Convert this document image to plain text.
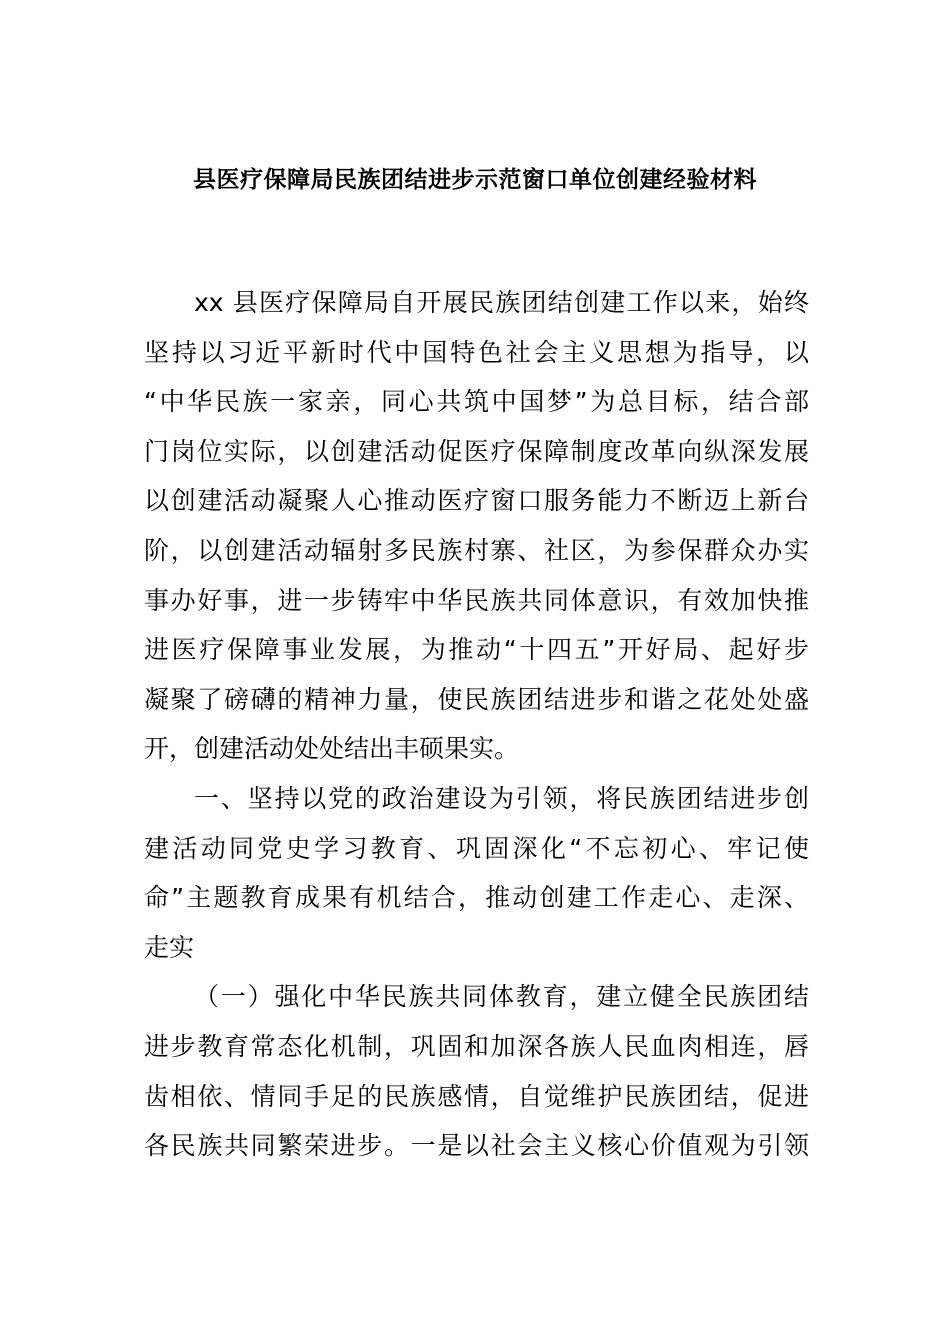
县医疗保障局民族团结进步示范窗口单位创建经验材料
xx 县医疗保障局自开展民族团结创建工作以来，始终
坚持以习近平新时代中国特色社会主义思想为指导，以
“中华民族一家亲，同心共筑中国梦”为总目标，结合部
门岗位实际，以创建活动促医疗保障制度改革向纵深发展
以创建活动凝聚人心推动医疗窗口服务能力不断迈上新台
阶，以创建活动辐射多民族村寨、社区，为参保群众办实
事办好事，进一步铸牢中华民族共同体意识，有效加快推
进医疗保障事业发展，为推动“十四五”开好局、起好步
凝聚了磅礴的精神力量，使民族团结进步和谐之花处处盛
开，创建活动处处结出丰硕果实。
一、坚持以党的政治建设为引领，将民族团结进步创
建活动同党史学习教育、巩固深化“不忘初心、牢记使
命”主题教育成果有机结合，推动创建工作走心、走深、
走实
（一）强化中华民族共同体教育，建立健全民族团结
进步教育常态化机制，巩固和加深各族人民血肉相连，唇
齿相依、情同手足的民族感情，自觉维护民族团结，促进
各民族共同繁荣进步。一是以社会主义核心价值观为引领
